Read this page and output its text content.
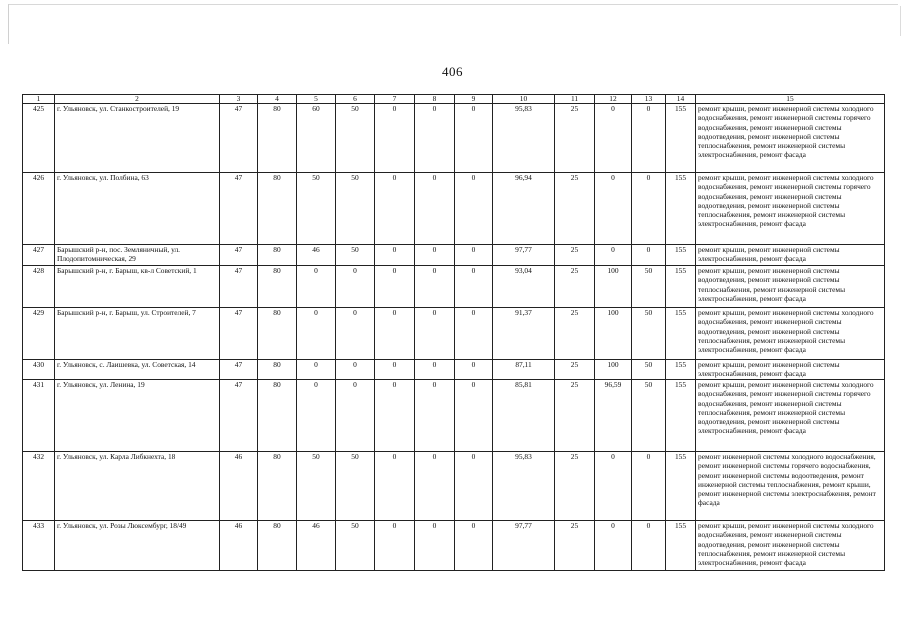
406
1	2	3	4	5	6	7	8	9	10	11	12	13	14	15
425	г. Ульяновск, ул. Станкостроителей, 19	47	80	60	50	0	0	0	95,83	25	0	0	155	ремонт крыши, ремонт инженерной системы холодного водоснабжения, ремонт инженерной системы горячего водоснабжения, ремонт инженерной системы водоотведения, ремонт инженерной системы теплоснабжения, ремонт инженерной системы электроснабжения, ремонт фасада
426	г. Ульяновск, ул. Полбина, 63	47	80	50	50	0	0	0	96,94	25	0	0	155	ремонт крыши, ремонт инженерной системы холодного водоснабжения, ремонт инженерной системы горячего водоснабжения, ремонт инженерной системы водоотведения, ремонт инженерной системы теплоснабжения, ремонт инженерной системы электроснабжения, ремонт фасада
427	Барышский р-н, пос. Земляничный, ул. Плодопитомническая, 29	47	80	46	50	0	0	0	97,77	25	0	0	155	ремонт крыши, ремонт инженерной системы электроснабжения, ремонт фасада
428	Барышский р-н, г. Барыш, кв-л Советский, 1	47	80	0	0	0	0	0	93,04	25	100	50	155	ремонт крыши, ремонт инженерной системы водоотведения, ремонт инженерной системы теплоснабжения, ремонт инженерной системы электроснабжения, ремонт фасада
429	Барышский р-н, г. Барыш, ул. Строителей, 7	47	80	0	0	0	0	0	91,37	25	100	50	155	ремонт крыши, ремонт инженерной системы холодного водоснабжения, ремонт инженерной системы водоотведения, ремонт инженерной системы теплоснабжения, ремонт инженерной системы электроснабжения, ремонт фасада
430	г. Ульяновск, с. Лаишевка, ул. Советская, 14	47	80	0	0	0	0	0	87,11	25	100	50	155	ремонт крыши, ремонт инженерной системы электроснабжения, ремонт фасада
431	г. Ульяновск, ул. Ленина, 19	47	80	0	0	0	0	0	85,81	25	96,59	50	155	ремонт крыши, ремонт инженерной системы холодного водоснабжения, ремонт инженерной системы горячего водоснабжения, ремонт инженерной системы теплоснабжения, ремонт инженерной системы водоотведения, ремонт инженерной системы электроснабжения, ремонт фасада
432	г. Ульяновск, ул. Карла Либкнехта, 18	46	80	50	50	0	0	0	95,83	25	0	0	155	ремонт инженерной системы холодного водоснабжения, ремонт инженерной системы горячего водоснабжения, ремонт инженерной системы водоотведения, ремонт инженерной системы теплоснабжения, ремонт крыши, ремонт инженерной системы электроснабжения, ремонт фасада
433	г. Ульяновск, ул. Розы Люксембург, 18/49	46	80	46	50	0	0	0	97,77	25	0	0	155	ремонт крыши, ремонт инженерной системы холодного водоснабжения, ремонт инженерной системы водоотведения, ремонт инженерной системы теплоснабжения, ремонт инженерной системы электроснабжения, ремонт фасада
